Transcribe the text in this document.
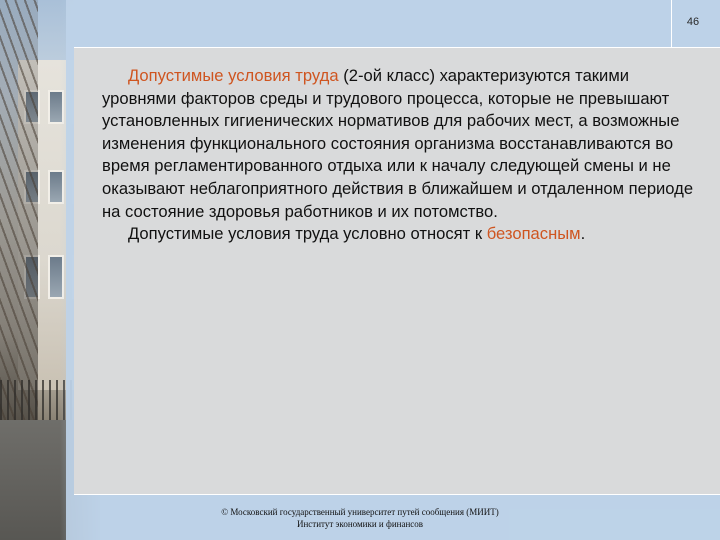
46

Допустимые условия труда (2-ой класс) характеризуются такими уровнями факторов среды и трудового процесса, которые не превышают установленных гигиенических нормативов для рабочих мест, а возможные изменения функционального состояния организма восстанавливаются во время регламентированного отдыха или к началу следующей смены и не оказывают неблагоприятного действия в ближайшем и отдаленном периоде на состояние здоровья работников и их потомство.

Допустимые условия труда условно относят к безопасным.

© Московский государственный университет путей сообщения (МИИТ)
Институт экономики и финансов
